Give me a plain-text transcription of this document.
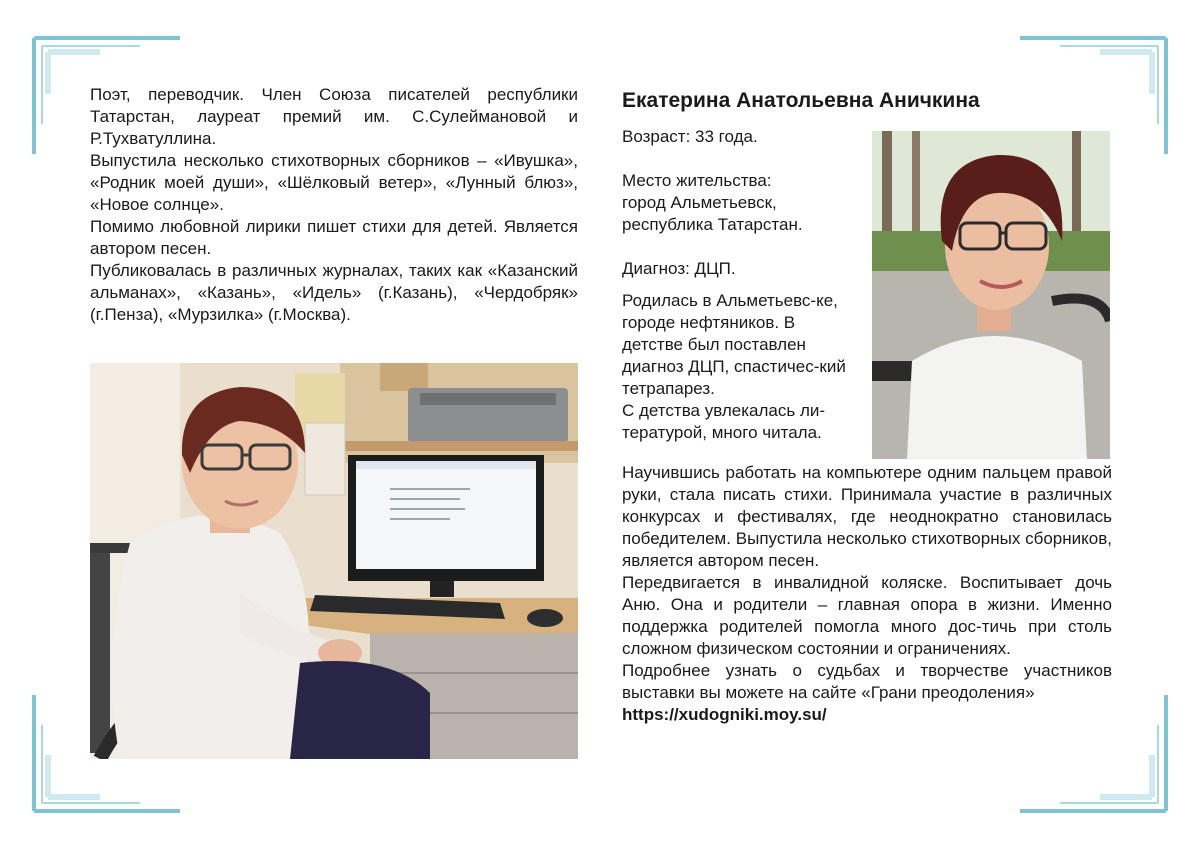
Поэт, переводчик. Член Союза писателей республики Татарстан, лауреат премий им. С.Сулеймановой и Р.Тухватуллина.

Выпустила несколько стихотворных сборников – «Ивушка», «Родник моей души», «Шёлковый ветер», «Лунный блюз», «Новое солнце».

Помимо любовной лирики пишет стихи для детей. Является автором песен.

Публиковалась в различных журналах, таких как «Казанский альманах», «Казань», «Идель» (г.Казань), «Чердобряк» (г.Пенза), «Мурзилка» (г.Москва).

Екатерина Анатольевна Аничкина

Возраст: 33 года.

Место жительства:

город Альметьевск,

республика Татарстан.

Диагноз: ДЦП.

Родилась в Альметьевс-ке, городе нефтяников. В детстве был поставлен диагноз ДЦП, спастичес-кий тетрапарез.

С детства увлекалась ли-тературой, много читала.

Научившись работать на компьютере одним пальцем правой руки, стала писать стихи. Принимала участие в различных конкурсах и фестивалях, где неоднократно становилась победителем. Выпустила несколько стихотворных сборников, является автором песен.

Передвигается в инвалидной коляске. Воспитывает дочь Аню. Она и родители – главная опора в жизни. Именно поддержка родителей помогла много дос-тичь при столь сложном физическом состоянии и ограничениях.

Подробнее узнать о судьбах и творчестве участников выставки вы можете на сайте «Грани преодоления»

https://xudogniki.moy.su/
